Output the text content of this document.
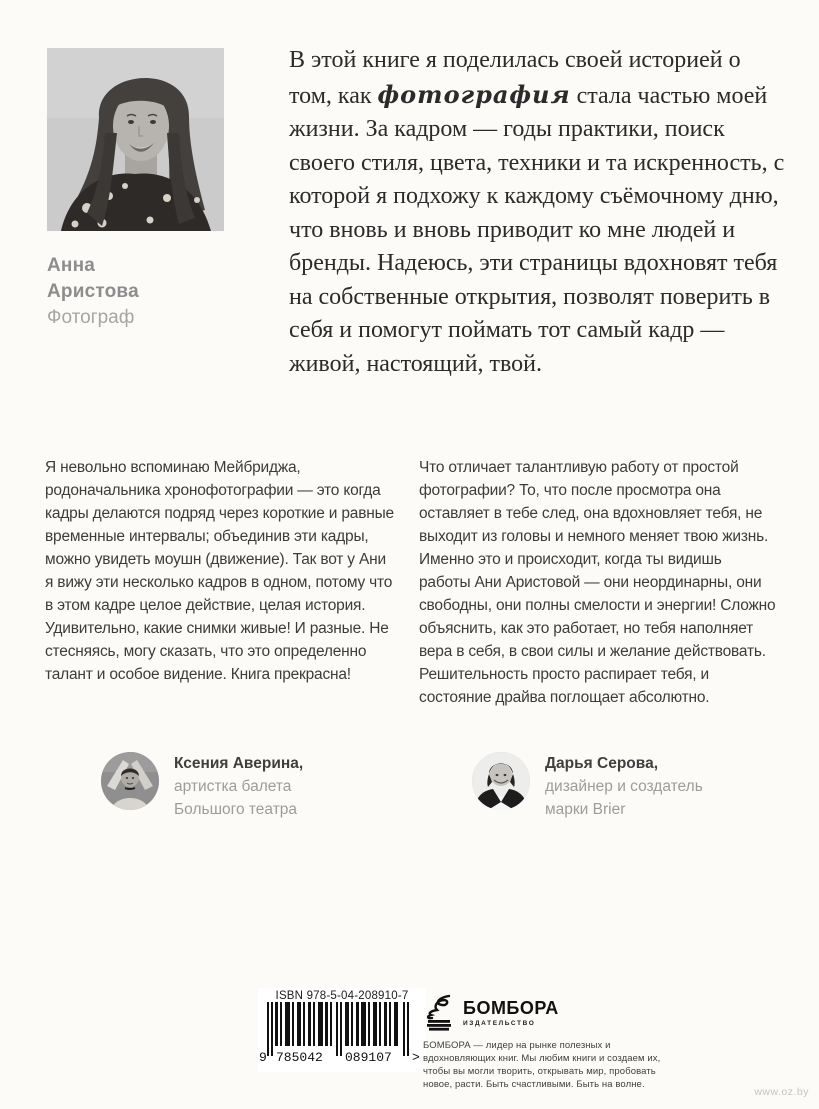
Анна
Аристова
Фотограф
В этой книге я поделилась своей историей о том, как фотография стала частью моей жизни. За кадром — годы практики, поиск своего стиля, цвета, техники и та искренность, с которой я подхожу к каждому съёмочному дню, что вновь и вновь приводит ко мне людей и бренды. Надеюсь, эти страницы вдохновят тебя на собственные открытия, позволят поверить в себя и помогут поймать тот самый кадр — живой, настоящий, твой.
Я невольно вспоминаю Мейбриджа, родоначальника хронофотографии — это когда кадры делаются подряд через короткие и равные временные интервалы; объединив эти кадры, можно увидеть моушн (движение). Так вот у Ани я вижу эти несколько кадров в одном, потому что в этом кадре целое действие, целая история. Удивительно, какие снимки живые! И разные. Не стесняясь, могу сказать, что это определенно талант и особое видение. Книга прекрасна!
Что отличает талантливую работу от простой фотографии? То, что после просмотра она оставляет в тебе след, она вдохновляет тебя, не выходит из головы и немного меняет твою жизнь. Именно это и происходит, когда ты видишь работы Ани Аристовой — они неординарны, они свободны, они полны смелости и энергии! Сложно объяснить, как это работает, но тебя наполняет вера в себя, в свои силы и желание действовать. Решительность просто распирает тебя, и состояние драйва поглощает абсолютно.
Ксения Аверина,
артистка балета Большого театра
Дарья Серова,
дизайнер и создатель марки Brier
ISBN 978-5-04-208910-7
9 785042 089107 >
БОМБОРА
ИЗДАТЕЛЬСТВО
БОМБОРА — лидер на рынке полезных и вдохновляющих книг. Мы любим книги и создаем их, чтобы вы могли творить, открывать мир, пробовать новое, расти. Быть счастливыми. Быть на волне.
www.oz.by
